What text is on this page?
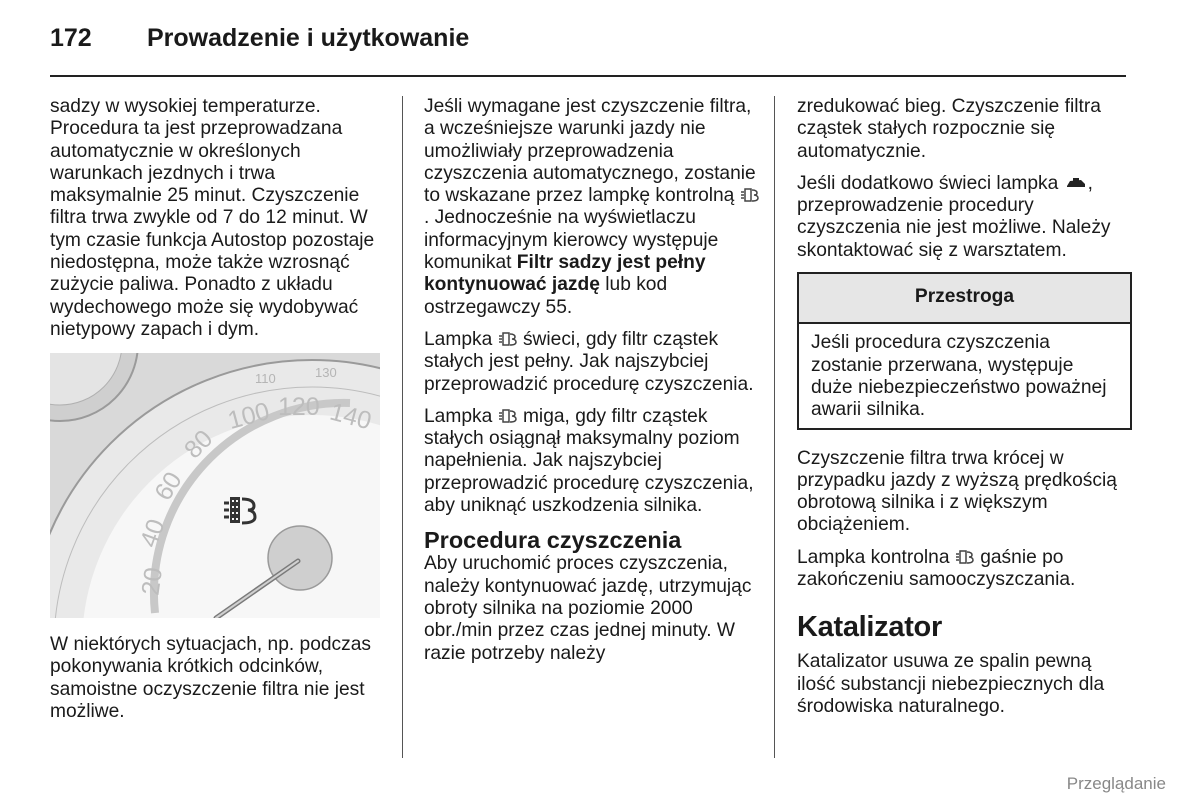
172 Prowadzenie i użytkowanie

sadzy w wysokiej temperaturze. Procedura ta jest przeprowadzana automatycznie w określonych warunkach jezdnych i trwa maksymalnie 25 minut. Czyszczenie filtra trwa zwykle od 7 do 12 minut. W tym czasie funkcja Autostop pozostaje niedostępna, może także wzrosnąć zużycie paliwa. Ponadto z układu wydechowego może się wydobywać nietypowy zapach i dym.

110	130
20
40
60
80
100 120 140

W niektórych sytuacjach, np. podczas pokonywania krótkich odcinków, samoistne oczyszczenie filtra nie jest możliwe.

Jeśli wymagane jest czyszczenie filtra, a wcześniejsze warunki jazdy nie umożliwiały przeprowadzenia czyszczenia automatycznego, zostanie to wskazane przez lampkę kontrolną . Jednocześnie na wyświetlaczu informacyjnym kierowcy występuje komunikat Filtr sadzy jest pełny kontynuować jazdę lub kod ostrzegawczy 55.

Lampka świeci, gdy filtr cząstek stałych jest pełny. Jak najszybciej przeprowadzić procedurę czyszczenia.

Lampka miga, gdy filtr cząstek stałych osiągnął maksymalny poziom napełnienia. Jak najszybciej przeprowadzić procedurę czyszczenia, aby uniknąć uszkodzenia silnika.

Procedura czyszczenia

Aby uruchomić proces czyszczenia, należy kontynuować jazdę, utrzymując obroty silnika na poziomie 2000 obr./min przez czas jednej minuty. W razie potrzeby należy

zredukować bieg. Czyszczenie filtra cząstek stałych rozpocznie się automatycznie.

Jeśli dodatkowo świeci lampka , przeprowadzenie procedury czyszczenia nie jest możliwe. Należy skontaktować się z warsztatem.

Przestroga
Jeśli procedura czyszczenia zostanie przerwana, występuje duże niebezpieczeństwo poważnej awarii silnika.

Czyszczenie filtra trwa krócej w przypadku jazdy z wyższą prędkością obrotową silnika i z większym obciążeniem.

Lampka kontrolna gaśnie po zakończeniu samooczyszczania.

Katalizator

Katalizator usuwa ze spalin pewną ilość substancji niebezpiecznych dla środowiska naturalnego.

Przeglądanie
